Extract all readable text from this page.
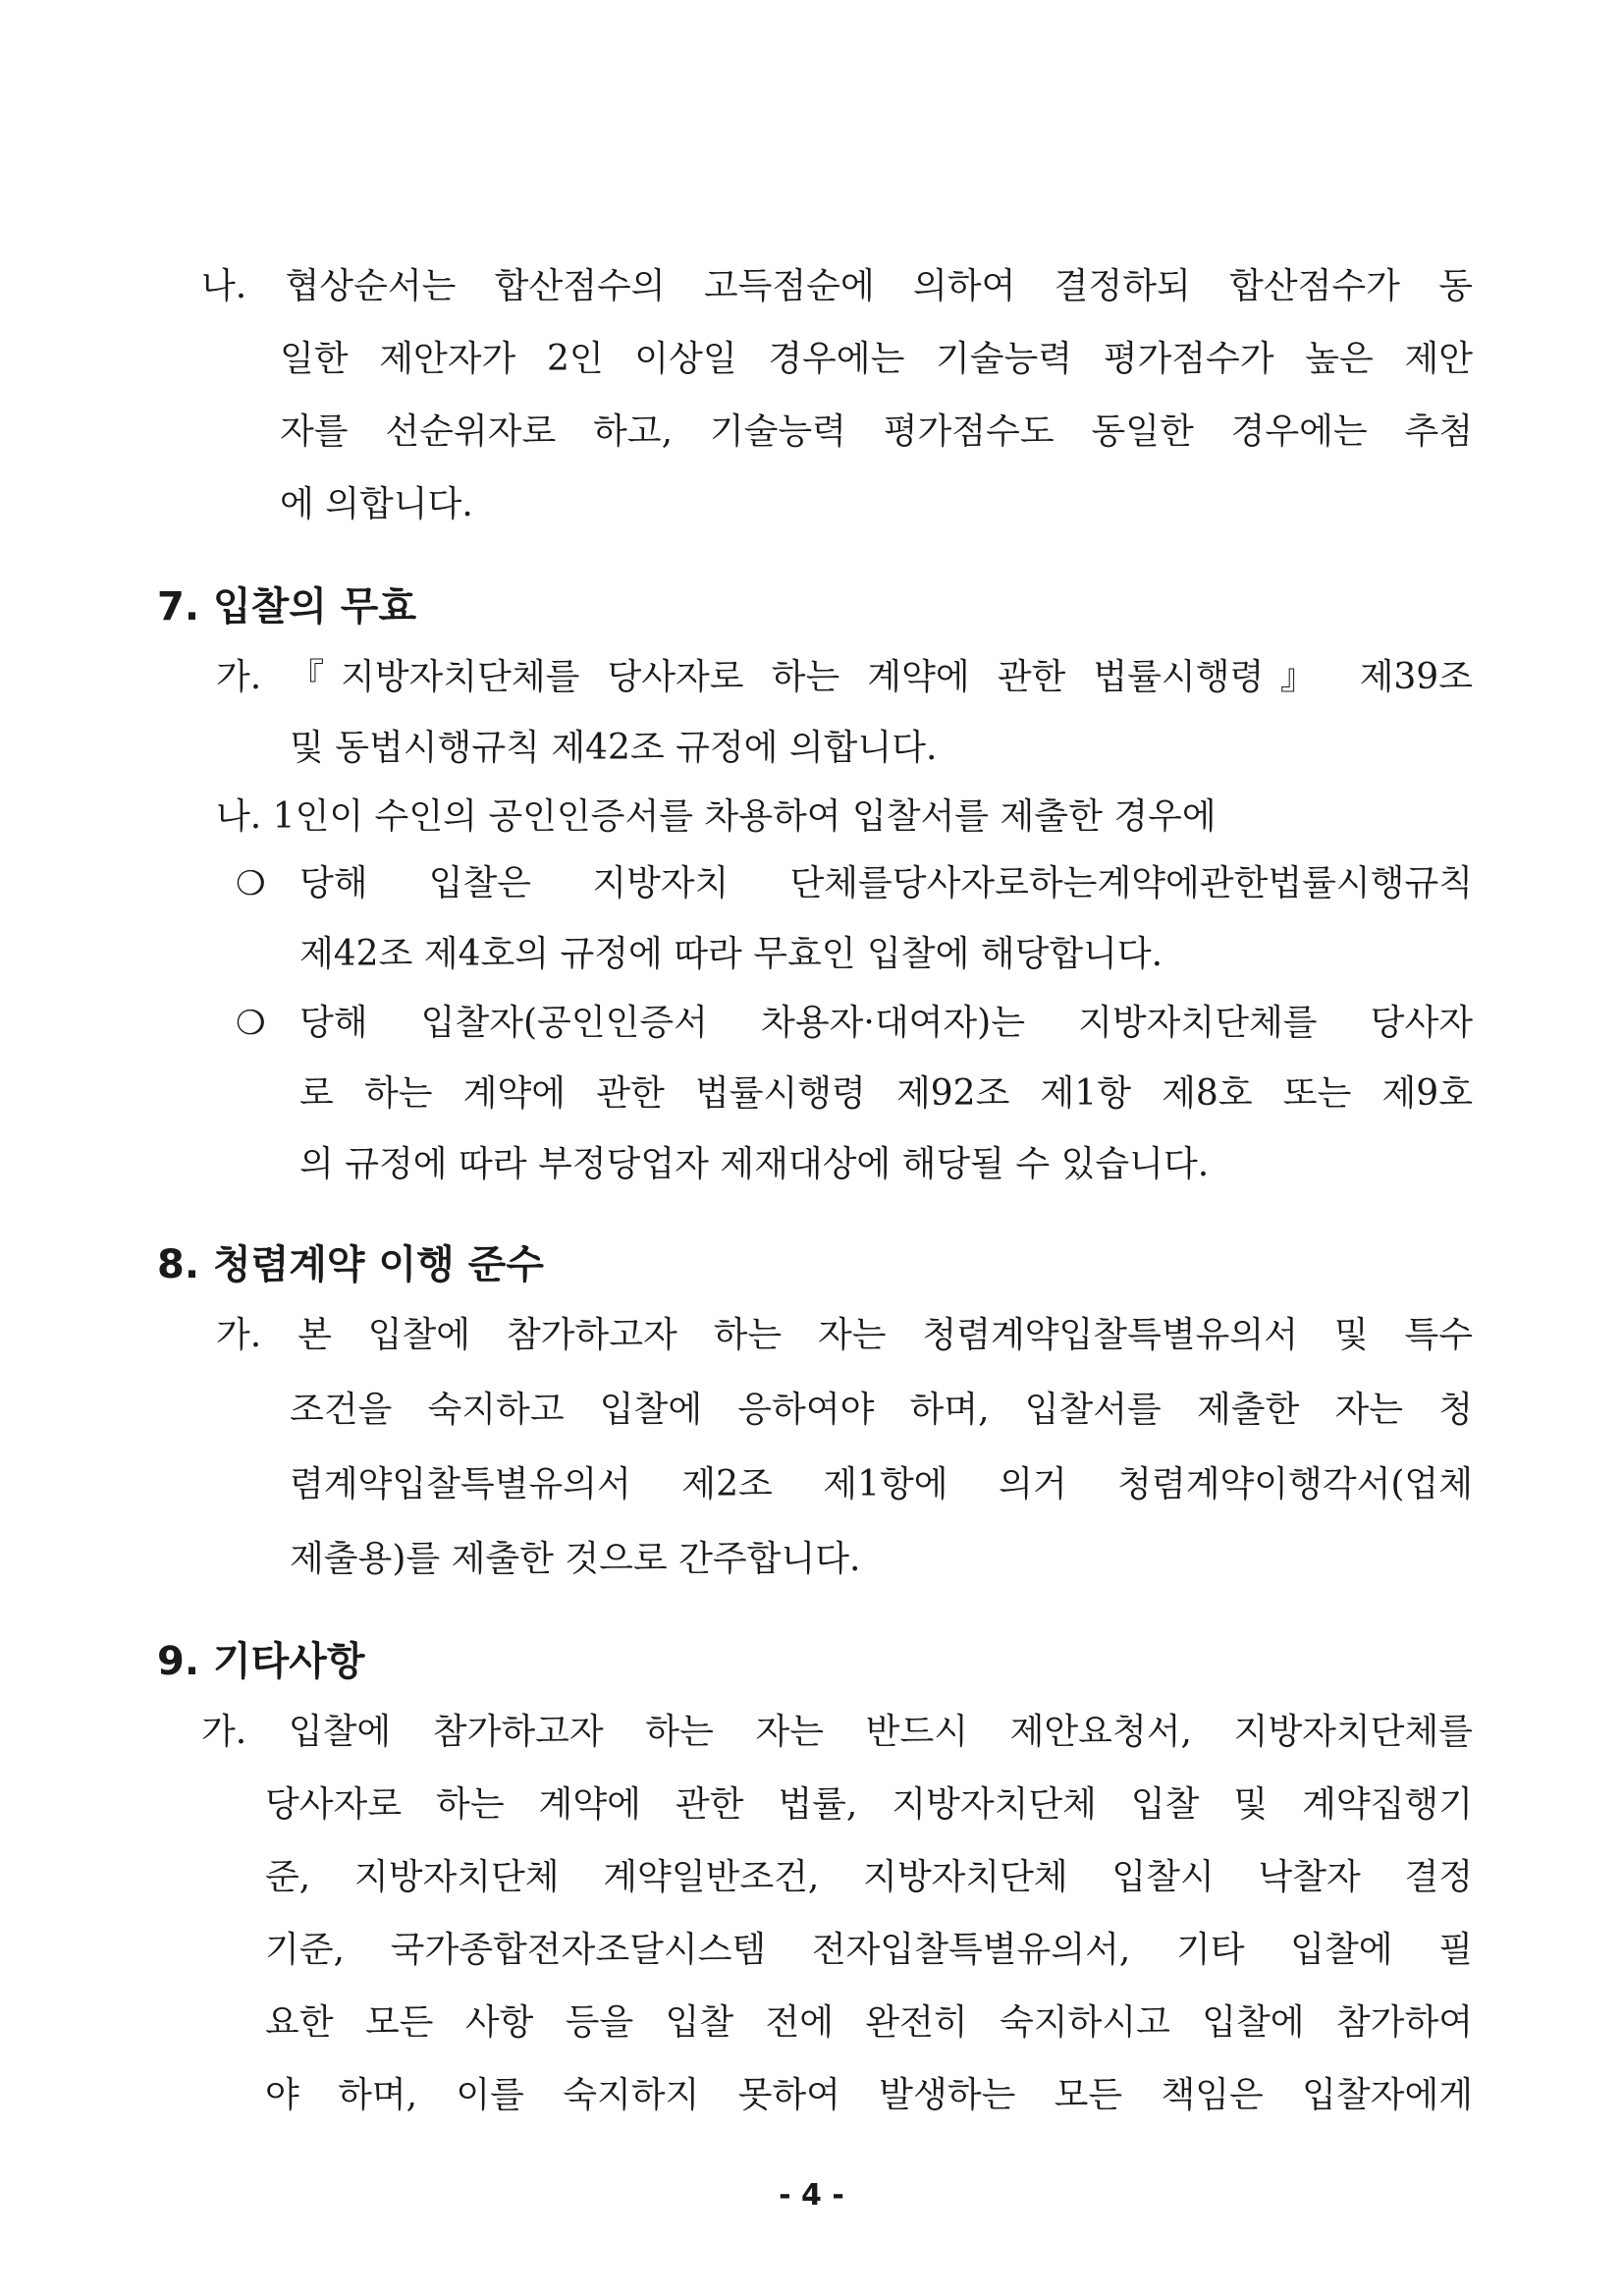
나. 협상순서는 합산점수의 고득점순에 의하여 결정하되 합산점수가 동
일한 제안자가 2인 이상일 경우에는 기술능력 평가점수가 높은 제안
자를 선순위자로 하고, 기술능력 평가점수도 동일한 경우에는 추첨
에 의합니다.
7. 입찰의 무효
가. 『지방자치단체를 당사자로 하는 계약에 관한 법률시행령』 제39조
및 동법시행규칙 제42조 규정에 의합니다.
나. 1인이 수인의 공인인증서를 차용하여 입찰서를 제출한 경우에
❍ 당해 입찰은 지방자치 단체를당사자로하는계약에관한법률시행규칙
제42조 제4호의 규정에 따라 무효인 입찰에 해당합니다.
❍ 당해 입찰자(공인인증서 차용자·대여자)는 지방자치단체를 당사자
로 하는 계약에 관한 법률시행령 제92조 제1항 제8호 또는 제9호
의 규정에 따라 부정당업자 제재대상에 해당될 수 있습니다.
8. 청렴계약 이행 준수
가. 본 입찰에 참가하고자 하는 자는 청렴계약입찰특별유의서 및 특수
조건을 숙지하고 입찰에 응하여야 하며, 입찰서를 제출한 자는 청
렴계약입찰특별유의서 제2조 제1항에 의거 청렴계약이행각서(업체
제출용)를 제출한 것으로 간주합니다.
9. 기타사항
가. 입찰에 참가하고자 하는 자는 반드시 제안요청서, 지방자치단체를
당사자로 하는 계약에 관한 법률, 지방자치단체 입찰 및 계약집행기
준, 지방자치단체 계약일반조건, 지방자치단체 입찰시 낙찰자 결정
기준, 국가종합전자조달시스템 전자입찰특별유의서, 기타 입찰에 필
요한 모든 사항 등을 입찰 전에 완전히 숙지하시고 입찰에 참가하여
야 하며, 이를 숙지하지 못하여 발생하는 모든 책임은 입찰자에게
- 4 -
